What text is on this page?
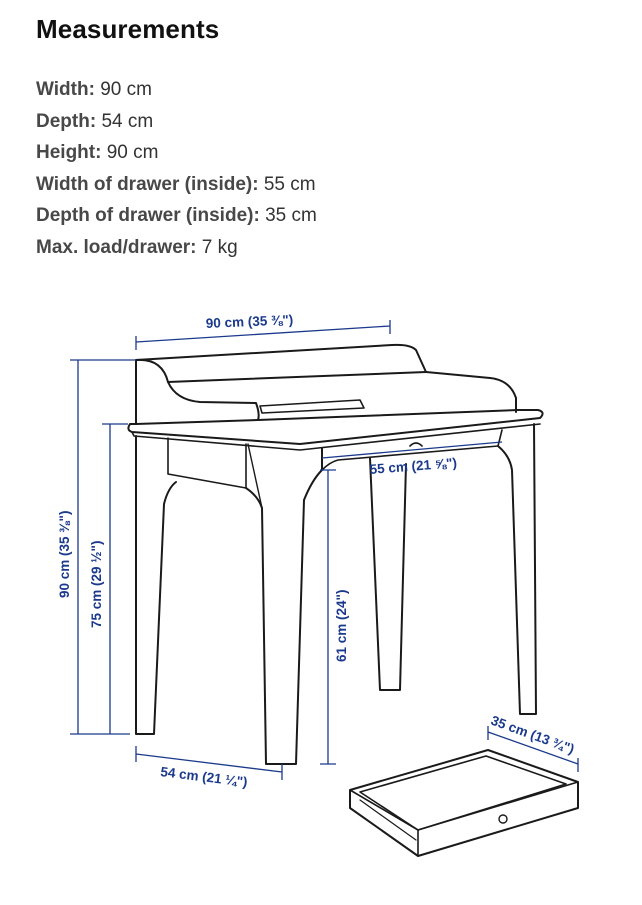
Measurements
Width: 90 cm
Depth: 54 cm
Height: 90 cm
Width of drawer (inside): 55 cm
Depth of drawer (inside): 35 cm
Max. load/drawer: 7 kg
90 cm (35 ⅜")
55 cm (21 ⅝")
90 cm (35 ⅜") 75 cm (29 ½")	61 cm (24")
54 cm (21 ¼")
35 cm (13 ¾")
